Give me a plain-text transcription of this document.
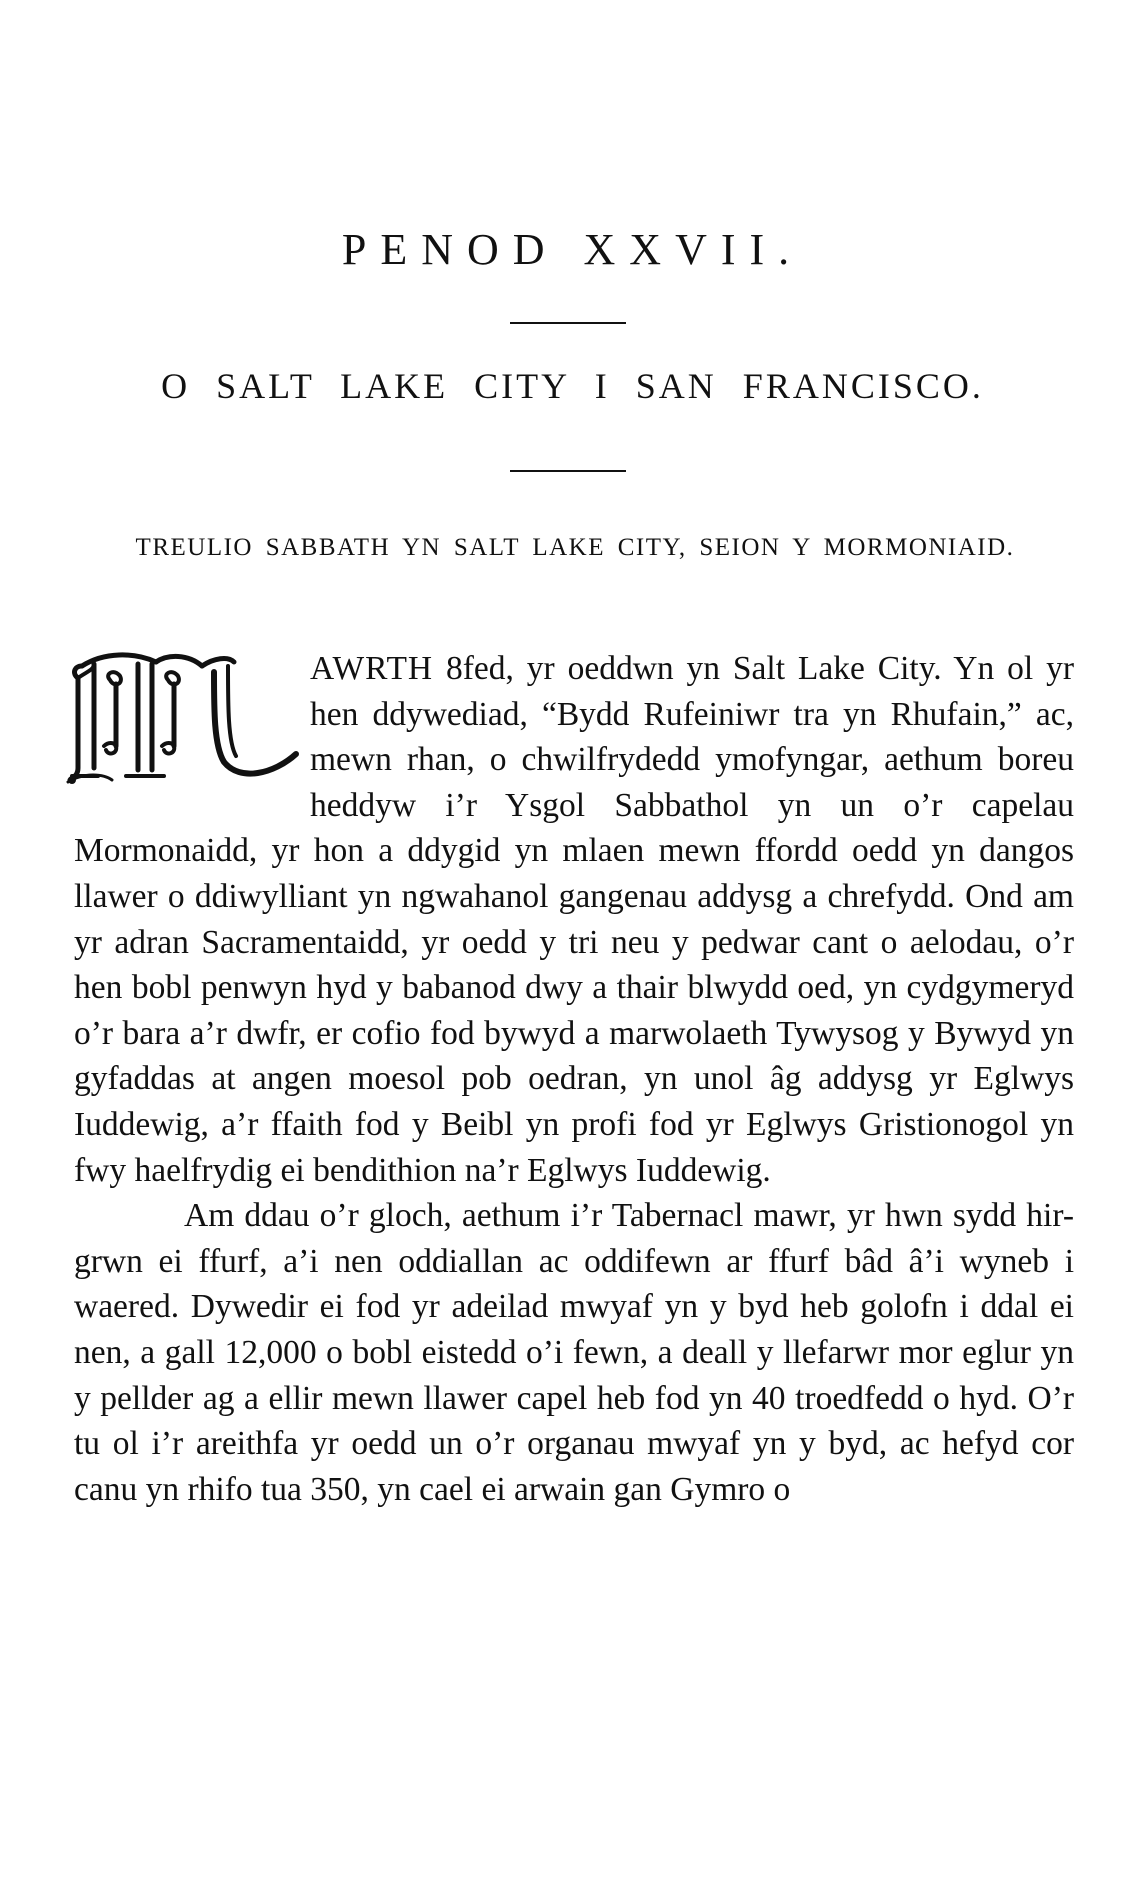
PENOD XXVII.
O SALT LAKE CITY I SAN FRANCISCO.
TREULIO SABBATH YN SALT LAKE CITY, SEION Y MORMONIAID.

AWRTH 8fed, yr oeddwn yn Salt Lake City. Yn ol yr hen ddywediad, “Bydd Rufeiniwr tra yn Rhufain,” ac, mewn rhan, o chwilfrydedd ymofyngar, aethum boreu heddyw i’r Ysgol Sabbathol yn un o’r capelau Mormonaidd, yr hon a ddygid yn mlaen mewn ffordd oedd yn dangos llawer o ddiwylliant yn ngwahanol gangenau addysg a chrefydd. Ond am yr adran Sacramentaidd, yr oedd y tri neu y pedwar cant o aelodau, o’r hen bobl penwyn hyd y babanod dwy a thair blwydd oed, yn cydgymeryd o’r bara a’r dwfr, er cofio fod bywyd a marwolaeth Tywysog y Bywyd yn gyfaddas at angen moesol pob oedran, yn unol âg addysg yr Eglwys Iuddewig, a’r ffaith fod y Beibl yn profi fod yr Eglwys Gristionogol yn fwy haelfrydig ei bendithion na’r Eglwys Iuddewig.

Am ddau o’r gloch, aethum i’r Tabernacl mawr, yr hwn sydd hir-grwn ei ffurf, a’i nen oddiallan ac oddifewn ar ffurf bâd â’i wyneb i waered. Dywedir ei fod yr adeilad mwyaf yn y byd heb golofn i ddal ei nen, a gall 12,000 o bobl eistedd o’i fewn, a deall y llefarwr mor eglur yn y pellder ag a ellir mewn llawer capel heb fod yn 40 troedfedd o hyd. O’r tu ol i’r areithfa yr oedd un o’r organau mwyaf yn y byd, ac hefyd cor canu yn rhifo tua 350, yn cael ei arwain gan Gymro o
